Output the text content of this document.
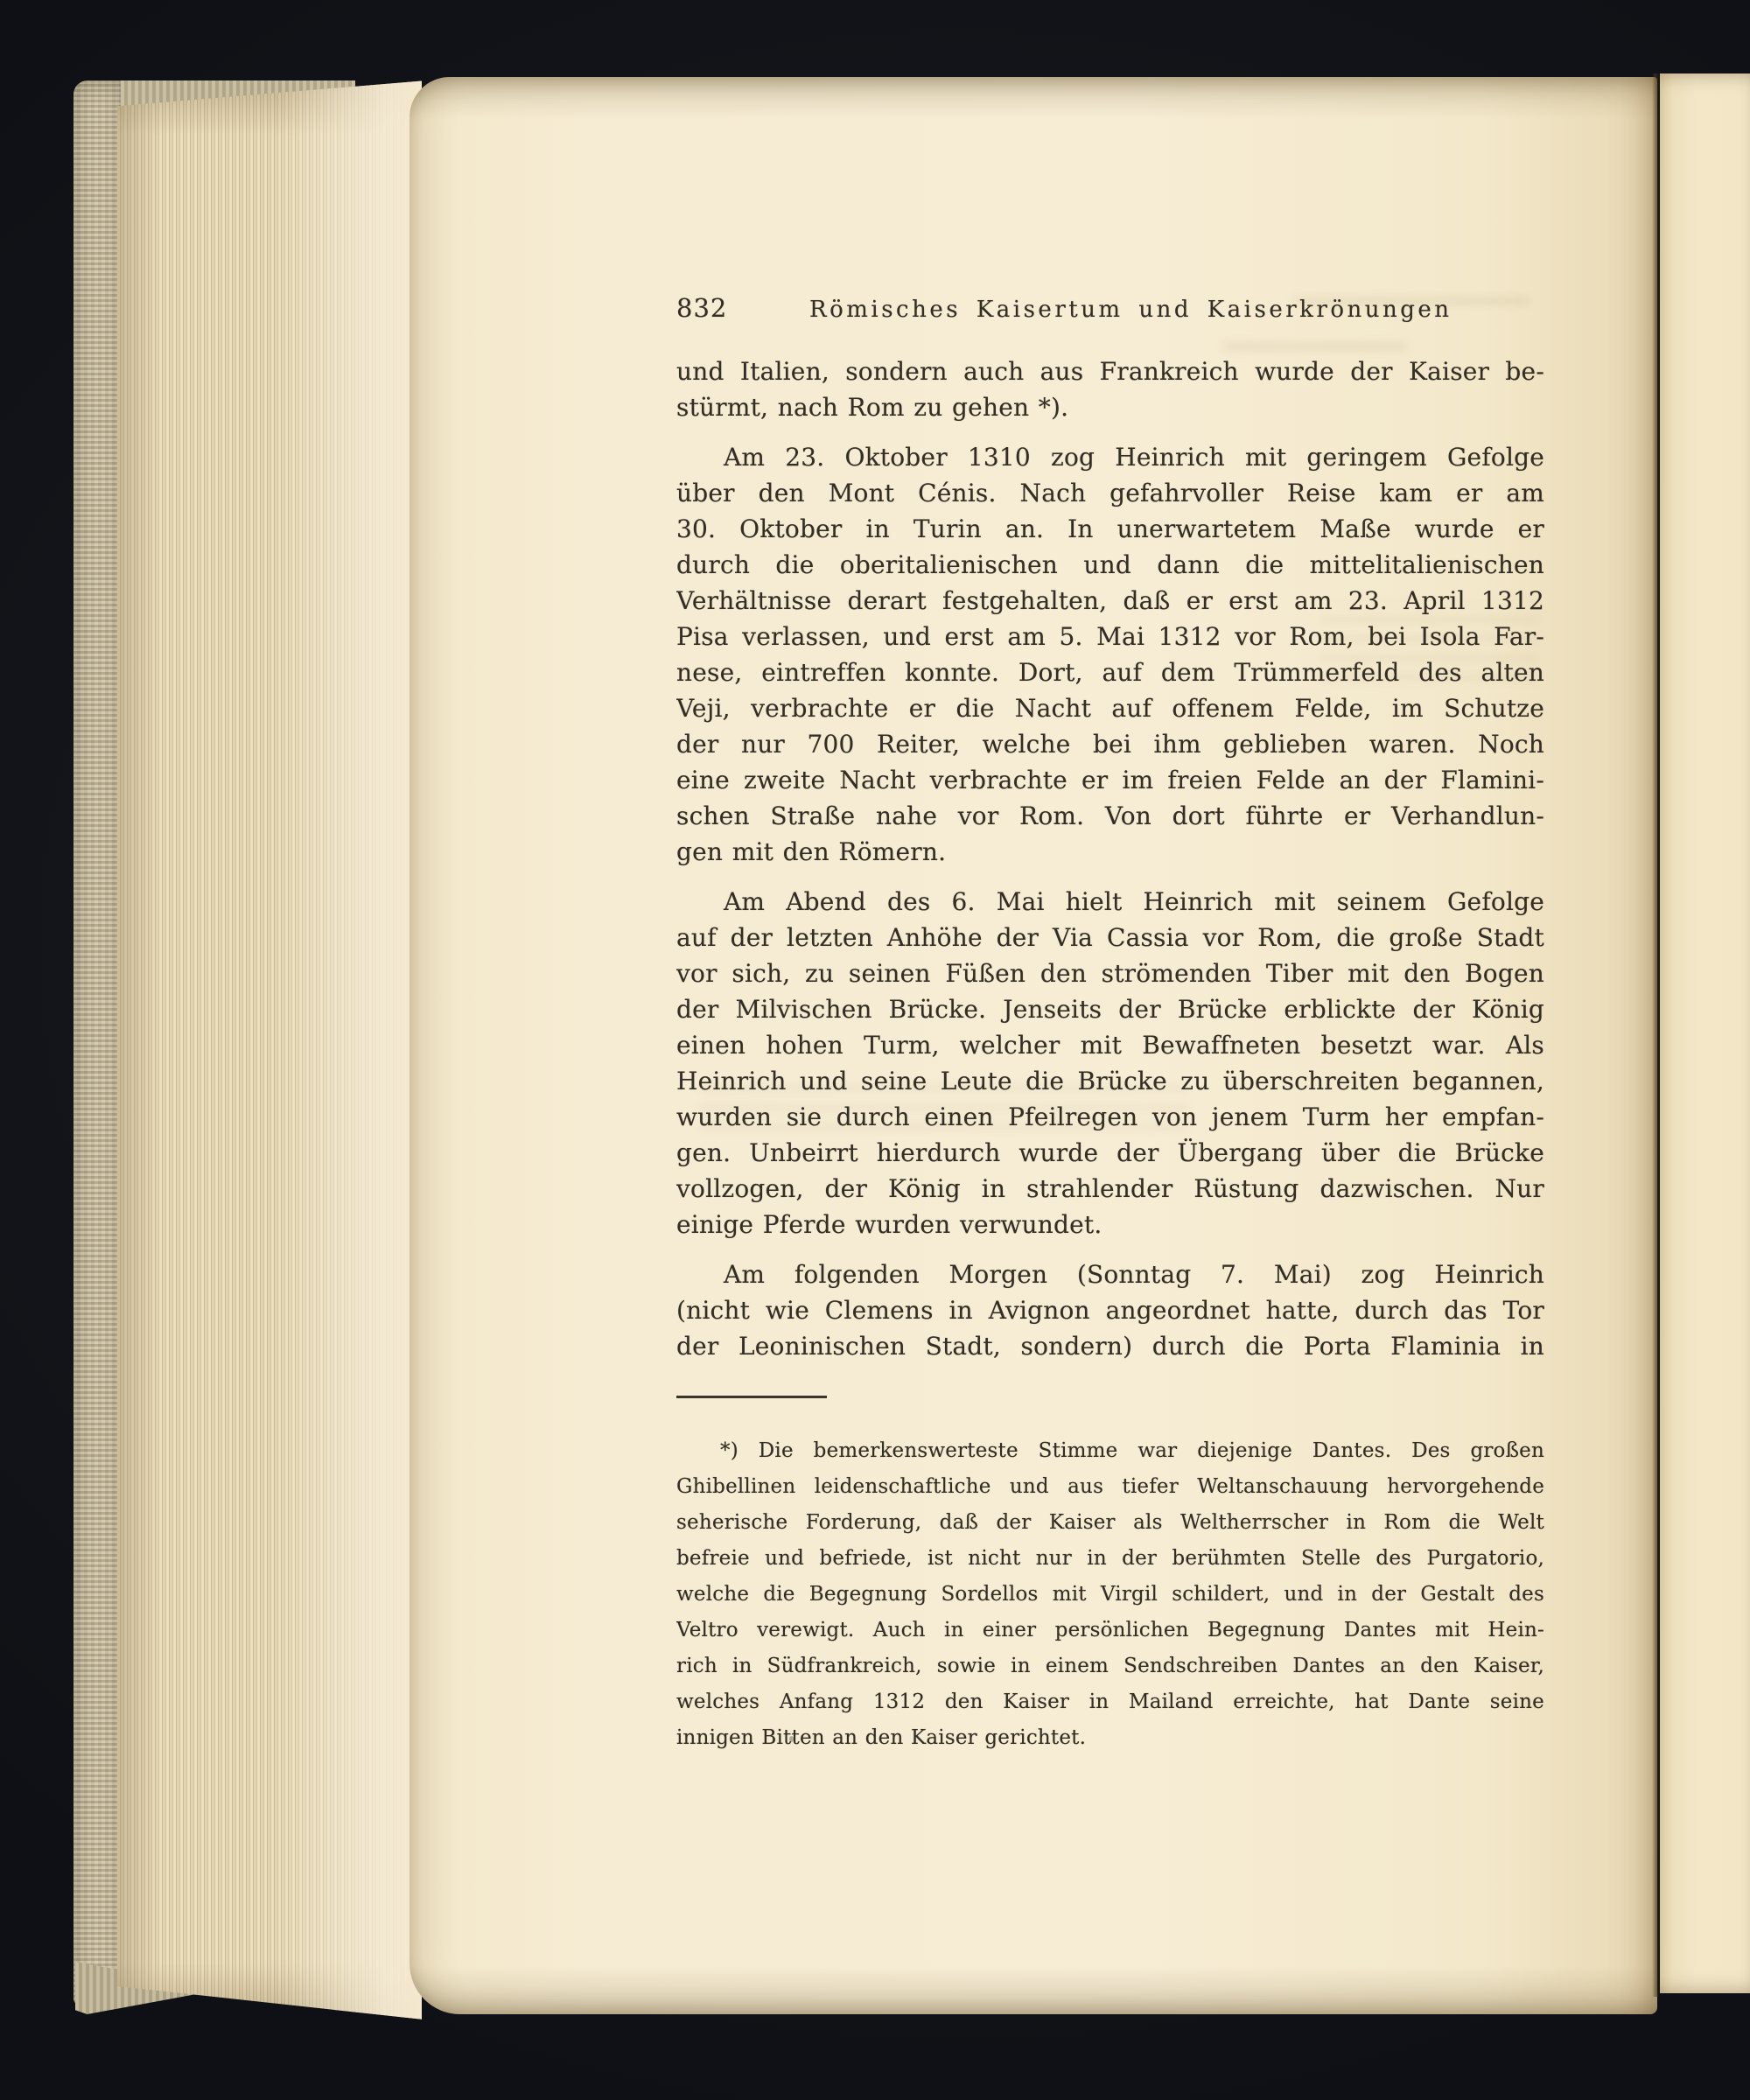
832	Römisches Kaisertum und Kaiserkrönungen
und Italien, sondern auch aus Frankreich wurde der Kaiser be-
stürmt, nach Rom zu gehen *).
Am 23. Oktober 1310 zog Heinrich mit geringem Gefolge
über den Mont Cénis. Nach gefahrvoller Reise kam er am
30. Oktober in Turin an. In unerwartetem Maße wurde er
durch die oberitalienischen und dann die mittelitalienischen
Verhältnisse derart festgehalten, daß er erst am 23. April 1312
Pisa verlassen, und erst am 5. Mai 1312 vor Rom, bei Isola Far-
nese, eintreffen konnte. Dort, auf dem Trümmerfeld des alten
Veji, verbrachte er die Nacht auf offenem Felde, im Schutze
der nur 700 Reiter, welche bei ihm geblieben waren. Noch
eine zweite Nacht verbrachte er im freien Felde an der Flamini-
schen Straße nahe vor Rom. Von dort führte er Verhandlun-
gen mit den Römern.
Am Abend des 6. Mai hielt Heinrich mit seinem Gefolge
auf der letzten Anhöhe der Via Cassia vor Rom, die große Stadt
vor sich, zu seinen Füßen den strömenden Tiber mit den Bogen
der Milvischen Brücke. Jenseits der Brücke erblickte der König
einen hohen Turm, welcher mit Bewaffneten besetzt war. Als
Heinrich und seine Leute die Brücke zu überschreiten begannen,
wurden sie durch einen Pfeilregen von jenem Turm her empfan-
gen. Unbeirrt hierdurch wurde der Übergang über die Brücke
vollzogen, der König in strahlender Rüstung dazwischen. Nur
einige Pferde wurden verwundet.
Am folgenden Morgen (Sonntag 7. Mai) zog Heinrich
(nicht wie Clemens in Avignon angeordnet hatte, durch das Tor
der Leoninischen Stadt, sondern) durch die Porta Flaminia in
*) Die bemerkenswerteste Stimme war diejenige Dantes. Des großen
Ghibellinen leidenschaftliche und aus tiefer Weltanschauung hervorgehende
seherische Forderung, daß der Kaiser als Weltherrscher in Rom die Welt
befreie und befriede, ist nicht nur in der berühmten Stelle des Purgatorio,
welche die Begegnung Sordellos mit Virgil schildert, und in der Gestalt des
Veltro verewigt. Auch in einer persönlichen Begegnung Dantes mit Hein-
rich in Südfrankreich, sowie in einem Sendschreiben Dantes an den Kaiser,
welches Anfang 1312 den Kaiser in Mailand erreichte, hat Dante seine
innigen Bitten an den Kaiser gerichtet.
